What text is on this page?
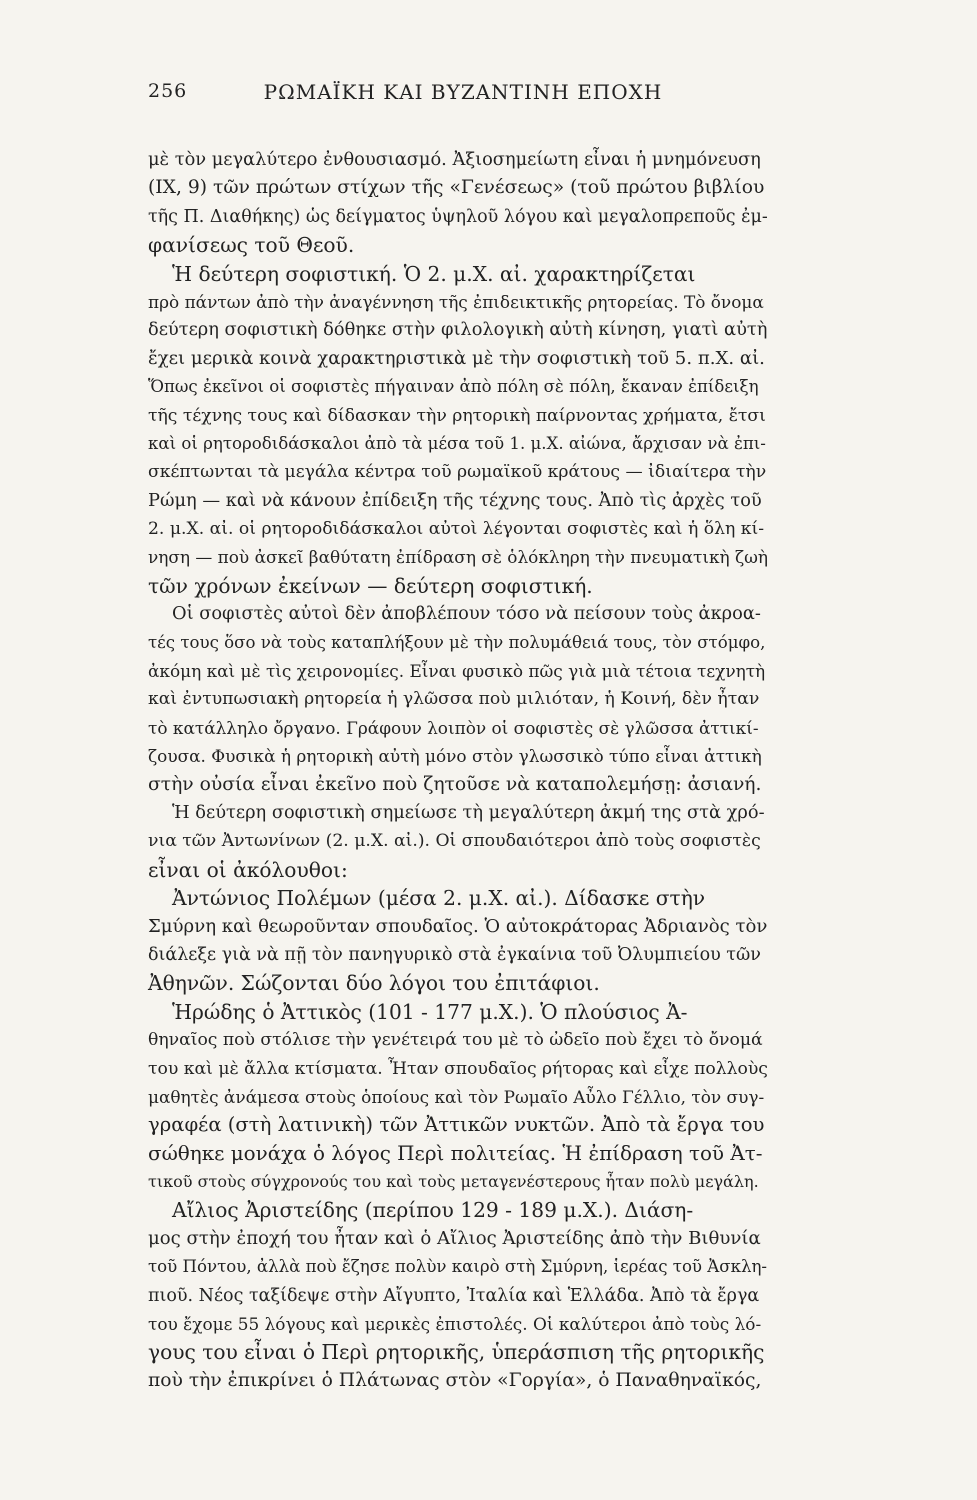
256	ΡΩΜΑΪΚΗ ΚΑΙ ΒΥΖΑΝΤΙΝΗ ΕΠΟΧΗ
μὲ τὸν μεγαλύτερο ἐνθουσιασμό. Ἀξιοσημείωτη εἶναι ἡ μνημόνευση
(IX, 9) τῶν πρώτων στίχων τῆς «Γενέσεως» (τοῦ πρώτου βιβλίου
τῆς Π. Διαθήκης) ὡς δείγματος ὑψηλοῦ λόγου καὶ μεγαλοπρεποῦς ἐμ-
φανίσεως τοῦ Θεοῦ.
Ἡ δεύτερη σοφιστική. Ὁ 2. μ.Χ. αἰ. χαρακτηρίζεται
πρὸ πάντων ἀπὸ τὴν ἀναγέννηση τῆς ἐπιδεικτικῆς ρητορείας. Τὸ ὄνομα
δεύτερη σοφιστικὴ δόθηκε στὴν φιλολογικὴ αὐτὴ κίνηση, γιατὶ αὐτὴ
ἔχει μερικὰ κοινὰ χαρακτηριστικὰ μὲ τὴν σοφιστικὴ τοῦ 5. π.Χ. αἰ.
Ὅπως ἐκεῖνοι οἱ σοφιστὲς πήγαιναν ἀπὸ πόλη σὲ πόλη, ἔκαναν ἐπίδειξη
τῆς τέχνης τους καὶ δίδασκαν τὴν ρητορικὴ παίρνοντας χρήματα, ἔτσι
καὶ οἱ ρητοροδιδάσκαλοι ἀπὸ τὰ μέσα τοῦ 1. μ.Χ. αἰώνα, ἄρχισαν νὰ ἐπι-
σκέπτωνται τὰ μεγάλα κέντρα τοῦ ρωμαϊκοῦ κράτους — ἰδιαίτερα τὴν
Ρώμη — καὶ νὰ κάνουν ἐπίδειξη τῆς τέχνης τους. Ἀπὸ τὶς ἀρχὲς τοῦ
2. μ.Χ. αἰ. οἱ ρητοροδιδάσκαλοι αὐτοὶ λέγονται σοφιστὲς καὶ ἡ ὅλη κί-
νηση — ποὺ ἀσκεῖ βαθύτατη ἐπίδραση σὲ ὁλόκληρη τὴν πνευματικὴ ζωὴ
τῶν χρόνων ἐκείνων — δεύτερη σοφιστική.
Οἱ σοφιστὲς αὐτοὶ δὲν ἀποβλέπουν τόσο νὰ πείσουν τοὺς ἀκροα-
τές τους ὅσο νὰ τοὺς καταπλήξουν μὲ τὴν πολυμάθειά τους, τὸν στόμφο,
ἀκόμη καὶ μὲ τὶς χειρονομίες. Εἶναι φυσικὸ πῶς γιὰ μιὰ τέτοια τεχνητὴ
καὶ ἐντυπωσιακὴ ρητορεία ἡ γλῶσσα ποὺ μιλιόταν, ἡ Κοινή, δὲν ἦταν
τὸ κατάλληλο ὄργανο. Γράφουν λοιπὸν οἱ σοφιστὲς σὲ γλῶσσα ἀττικί-
ζουσα. Φυσικὰ ἡ ρητορικὴ αὐτὴ μόνο στὸν γλωσσικὸ τύπο εἶναι ἀττικὴ
στὴν οὐσία εἶναι ἐκεῖνο ποὺ ζητοῦσε νὰ καταπολεμήσῃ: ἀσιανή.
Ἡ δεύτερη σοφιστικὴ σημείωσε τὴ μεγαλύτερη ἀκμή της στὰ χρό-
νια τῶν Ἀντωνίνων (2. μ.Χ. αἰ.). Οἱ σπουδαιότεροι ἀπὸ τοὺς σοφιστὲς
εἶναι οἱ ἀκόλουθοι:
Ἀντώνιος Πολέμων (μέσα 2. μ.Χ. αἰ.). Δίδασκε στὴν
Σμύρνη καὶ θεωροῦνταν σπουδαῖος. Ὁ αὐτοκράτορας Ἀδριανὸς τὸν
διάλεξε γιὰ νὰ πῇ τὸν πανηγυρικὸ στὰ ἐγκαίνια τοῦ Ὀλυμπιείου τῶν
Ἀθηνῶν. Σώζονται δύο λόγοι του ἐπιτάφιοι.
Ἡρώδης ὁ Ἀττικὸς (101 - 177 μ.Χ.). Ὁ πλούσιος Ἀ-
θηναῖος ποὺ στόλισε τὴν γενέτειρά του μὲ τὸ ὠδεῖο ποὺ ἔχει τὸ ὄνομά
του καὶ μὲ ἄλλα κτίσματα. Ἦταν σπουδαῖος ρήτορας καὶ εἶχε πολλοὺς
μαθητὲς ἀνάμεσα στοὺς ὁποίους καὶ τὸν Ρωμαῖο Αὖλο Γέλλιο, τὸν συγ-
γραφέα (στὴ λατινικὴ) τῶν Ἀττικῶν νυκτῶν. Ἀπὸ τὰ ἔργα του
σώθηκε μονάχα ὁ λόγος Περὶ πολιτείας. Ἡ ἐπίδραση τοῦ Ἀτ-
τικοῦ στοὺς σύγχρονούς του καὶ τοὺς μεταγενέστερους ἦταν πολὺ μεγάλη.
Αἴλιος Ἀριστείδης (περίπου 129 - 189 μ.Χ.). Διάση-
μος στὴν ἐποχή του ἦταν καὶ ὁ Αἴλιος Ἀριστείδης ἀπὸ τὴν Βιθυνία
τοῦ Πόντου, ἀλλὰ ποὺ ἔζησε πολὺν καιρὸ στὴ Σμύρνη, ἱερέας τοῦ Ἀσκλη-
πιοῦ. Νέος ταξίδεψε στὴν Αἴγυπτο, Ἰταλία καὶ Ἑλλάδα. Ἀπὸ τὰ ἔργα
του ἔχομε 55 λόγους καὶ μερικὲς ἐπιστολές. Οἱ καλύτεροι ἀπὸ τοὺς λό-
γους του εἶναι ὁ Περὶ ρητορικῆς, ὑπεράσπιση τῆς ρητορικῆς
ποὺ τὴν ἐπικρίνει ὁ Πλάτωνας στὸν «Γοργία», ὁ Παναθηναϊκός,
